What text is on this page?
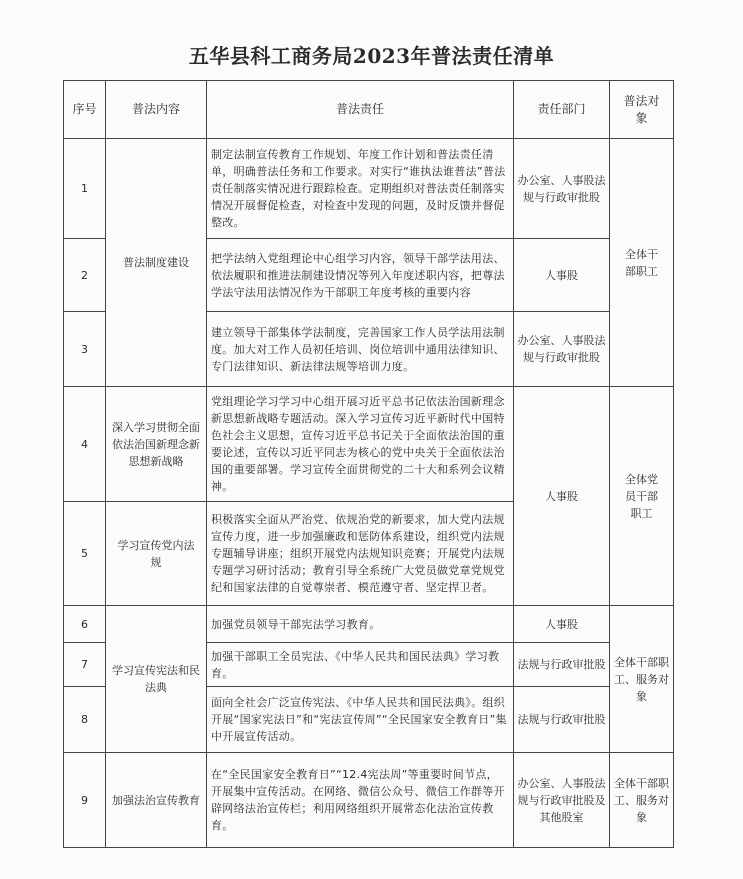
五华县科工商务局2023年普法责任清单
序号	普法内容	普法责任	责任部门	普法对象
1	普法制度建设	制定法制宣传教育工作规划、年度工作计划和普法责任清单，明确普法任务和工作要求。对实行“谁执法谁普法”普法责任制落实情况进行跟踪检查。定期组织对普法责任制落实情况开展督促检查，对检查中发现的问题，及时反馈并督促整改。	办公室、人事股法规与行政审批股	全体干部职工
2		把学法纳入党组理论中心组学习内容，领导干部学法用法、依法履职和推进法制建设情况等列入年度述职内容，把尊法学法守法用法情况作为干部职工年度考核的重要内容	人事股	
3		建立领导干部集体学法制度，完善国家工作人员学法用法制度。加大对工作人员初任培训、岗位培训中通用法律知识、专门法律知识、新法律法规等培训力度。	办公室、人事股法规与行政审批股	
4	深入学习贯彻全面依法治国新理念新思想新战略	党组理论学习学习中心组开展习近平总书记依法治国新理念新思想新战略专题活动。深入学习宣传习近平新时代中国特色社会主义思想，宣传习近平总书记关于全面依法治国的重要论述，宣传以习近平同志为核心的党中央关于全面依法治国的重要部署。学习宣传全面贯彻党的二十大和系列会议精神。	人事股	全体党员干部职工
5	学习宣传党内法规	积极落实全面从严治党、依规治党的新要求，加大党内法规宣传力度，进一步加强廉政和惩防体系建设，组织党内法规专题辅导讲座；组织开展党内法规知识竞赛；开展党内法规专题学习研讨活动；教育引导全系统广大党员做党章党规党纪和国家法律的自觉尊崇者、模范遵守者、坚定捍卫者。		
6	学习宣传宪法和民法典	加强党员领导干部宪法学习教育。	人事股	全体干部职工、服务对象
7		加强干部职工全员宪法、《中华人民共和国民法典》学习教育。	法规与行政审批股	
8		面向全社会广泛宣传宪法、《中华人民共和国民法典》。组织开展“国家宪法日”和“宪法宣传周”“全民国家安全教育日”集中开展宣传活动。	法规与行政审批股	
9	加强法治宣传教育	在“全民国家安全教育日”“12.4宪法周”等重要时间节点，开展集中宣传活动。在网络、微信公众号、微信工作群等开辟网络法治宣传栏；利用网络组织开展常态化法治宣传教育。	办公室、人事股法规与行政审批股及其他股室	全体干部职工、服务对象
